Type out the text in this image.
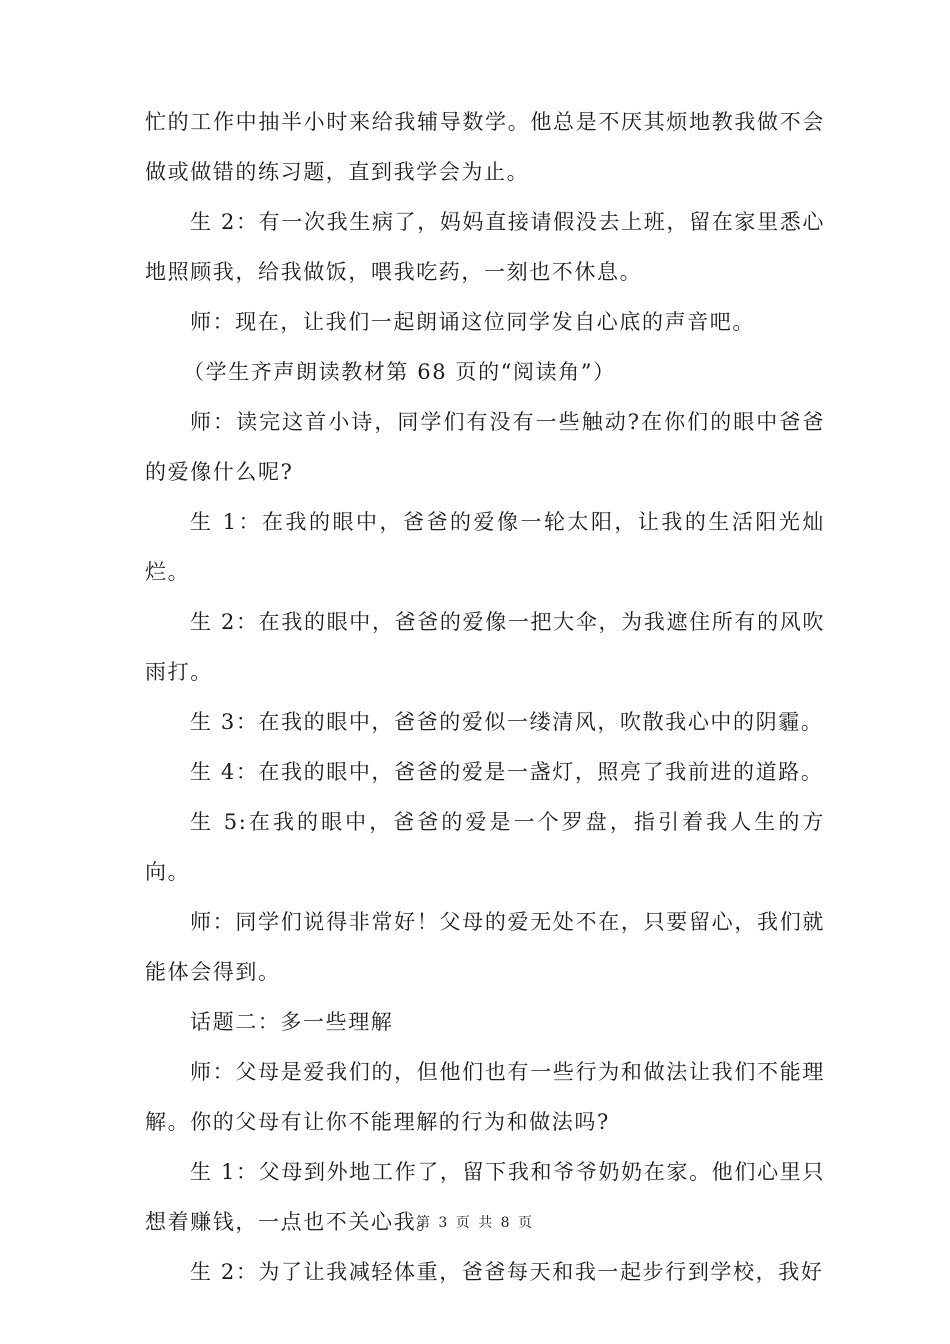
忙的工作中抽半小时来给我辅导数学。他总是不厌其烦地教我做不会做或做错的练习题，直到我学会为止。

生 2：有一次我生病了，妈妈直接请假没去上班，留在家里悉心地照顾我，给我做饭，喂我吃药，一刻也不休息。

师：现在，让我们一起朗诵这位同学发自心底的声音吧。

（学生齐声朗读教材第 68 页的“阅读角”）

师：读完这首小诗，同学们有没有一些触动?在你们的眼中爸爸的爱像什么呢?

生 1：在我的眼中，爸爸的爱像一轮太阳，让我的生活阳光灿烂。

生 2：在我的眼中，爸爸的爱像一把大伞，为我遮住所有的风吹雨打。

生 3：在我的眼中，爸爸的爱似一缕清风，吹散我心中的阴霾。

生 4：在我的眼中，爸爸的爱是一盏灯，照亮了我前进的道路。

生 5:在我的眼中，爸爸的爱是一个罗盘，指引着我人生的方向。

师：同学们说得非常好！父母的爱无处不在，只要留心，我们就能体会得到。

话题二：多一些理解

师：父母是爱我们的，但他们也有一些行为和做法让我们不能理解。你的父母有让你不能理解的行为和做法吗?

生 1：父母到外地工作了，留下我和爷爷奶奶在家。他们心里只想着赚钱，一点也不关心我。

生 2：为了让我减轻体重，爸爸每天和我一起步行到学校，我好

第 3 页 共 8 页
